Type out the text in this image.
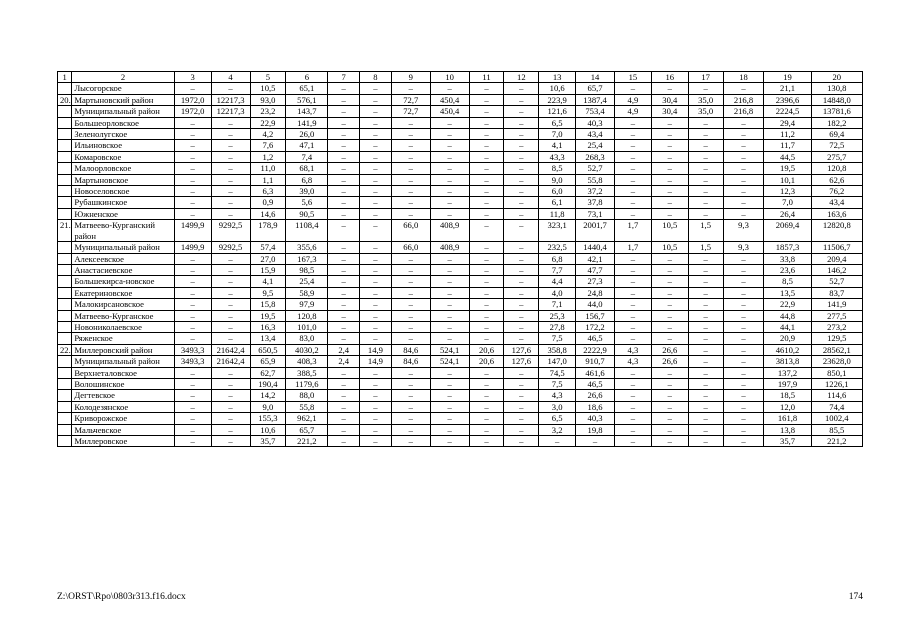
1	2	3	4	5	6	7	8	9	10	11	12	13	14	15	16	17	18	19	20
	Лысогорское	–	–	10,5	65,1	–	–	–	–	–	–	10,6	65,7	–	–	–	–	21,1	130,8
20.	Мартыновский район	1972,0	12217,3	93,0	576,1	–	–	72,7	450,4	–	–	223,9	1387,4	4,9	30,4	35,0	216,8	2396,6	14848,0
	Муниципальный район	1972,0	12217,3	23,2	143,7	–	–	72,7	450,4	–	–	121,6	753,4	4,9	30,4	35,0	216,8	2224,5	13781,6
	Большеорловское	–	–	22,9	141,9	–	–	–	–	–	–	6,5	40,3	–	–	–	–	29,4	182,2
	Зеленолугское	–	–	4,2	26,0	–	–	–	–	–	–	7,0	43,4	–	–	–	–	11,2	69,4
	Ильиновское	–	–	7,6	47,1	–	–	–	–	–	–	4,1	25,4	–	–	–	–	11,7	72,5
	Комаровское	–	–	1,2	7,4	–	–	–	–	–	–	43,3	268,3	–	–	–	–	44,5	275,7
	Малоорловское	–	–	11,0	68,1	–	–	–	–	–	–	8,5	52,7	–	–	–	–	19,5	120,8
	Мартыновское	–	–	1,1	6,8	–	–	–	–	–	–	9,0	55,8	–	–	–	–	10,1	62,6
	Новоселовское	–	–	6,3	39,0	–	–	–	–	–	–	6,0	37,2	–	–	–	–	12,3	76,2
	Рубашкинское	–	–	0,9	5,6	–	–	–	–	–	–	6,1	37,8	–	–	–	–	7,0	43,4
	Южненское	–	–	14,6	90,5	–	–	–	–	–	–	11,8	73,1	–	–	–	–	26,4	163,6
21.	Матвеево-Курганский район	1499,9	9292,5	178,9	1108,4	–	–	66,0	408,9	–	–	323,1	2001,7	1,7	10,5	1,5	9,3	2069,4	12820,8
	Муниципальный район	1499,9	9292,5	57,4	355,6	–	–	66,0	408,9	–	–	232,5	1440,4	1,7	10,5	1,5	9,3	1857,3	11506,7
	Алексеевское	–	–	27,0	167,3	–	–	–	–	–	–	6,8	42,1	–	–	–	–	33,8	209,4
	Анастасиевское	–	–	15,9	98,5	–	–	–	–	–	–	7,7	47,7	–	–	–	–	23,6	146,2
	Большекирса-новское	–	–	4,1	25,4	–	–	–	–	–	–	4,4	27,3	–	–	–	–	8,5	52,7
	Екатериновское	–	–	9,5	58,9	–	–	–	–	–	–	4,0	24,8	–	–	–	–	13,5	83,7
	Малокирсановское	–	–	15,8	97,9	–	–	–	–	–	–	7,1	44,0	–	–	–	–	22,9	141,9
	Матвеево-Курганское	–	–	19,5	120,8	–	–	–	–	–	–	25,3	156,7	–	–	–	–	44,8	277,5
	Новониколаевское	–	–	16,3	101,0	–	–	–	–	–	–	27,8	172,2	–	–	–	–	44,1	273,2
	Ряженское	–	–	13,4	83,0	–	–	–	–	–	–	7,5	46,5	–	–	–	–	20,9	129,5
22.	Миллеровский район	3493,3	21642,4	650,5	4030,2	2,4	14,9	84,6	524,1	20,6	127,6	358,8	2222,9	4,3	26,6	–	–	4610,2	28562,1
	Муниципальный район	3493,3	21642,4	65,9	408,3	2,4	14,9	84,6	524,1	20,6	127,6	147,0	910,7	4,3	26,6	–	–	3813,8	23628,0
	Верхнеталовское	–	–	62,7	388,5	–	–	–	–	–	–	74,5	461,6	–	–	–	–	137,2	850,1
	Волошинское	–	–	190,4	1179,6	–	–	–	–	–	–	7,5	46,5	–	–	–	–	197,9	1226,1
	Дегтевское	–	–	14,2	88,0	–	–	–	–	–	–	4,3	26,6	–	–	–	–	18,5	114,6
	Колодезянское	–	–	9,0	55,8	–	–	–	–	–	–	3,0	18,6	–	–	–	–	12,0	74,4
	Криворожское	–	–	155,3	962,1	–	–	–	–	–	–	6,5	40,3	–	–	–	–	161,8	1002,4
	Мальчевское	–	–	10,6	65,7	–	–	–	–	–	–	3,2	19,8	–	–	–	–	13,8	85,5
	Миллеровское	–	–	35,7	221,2	–	–	–	–	–	–	–	–	–	–	–	–	35,7	221,2
Z:\ORST\Rpo\0803r313.f16.docx	174
